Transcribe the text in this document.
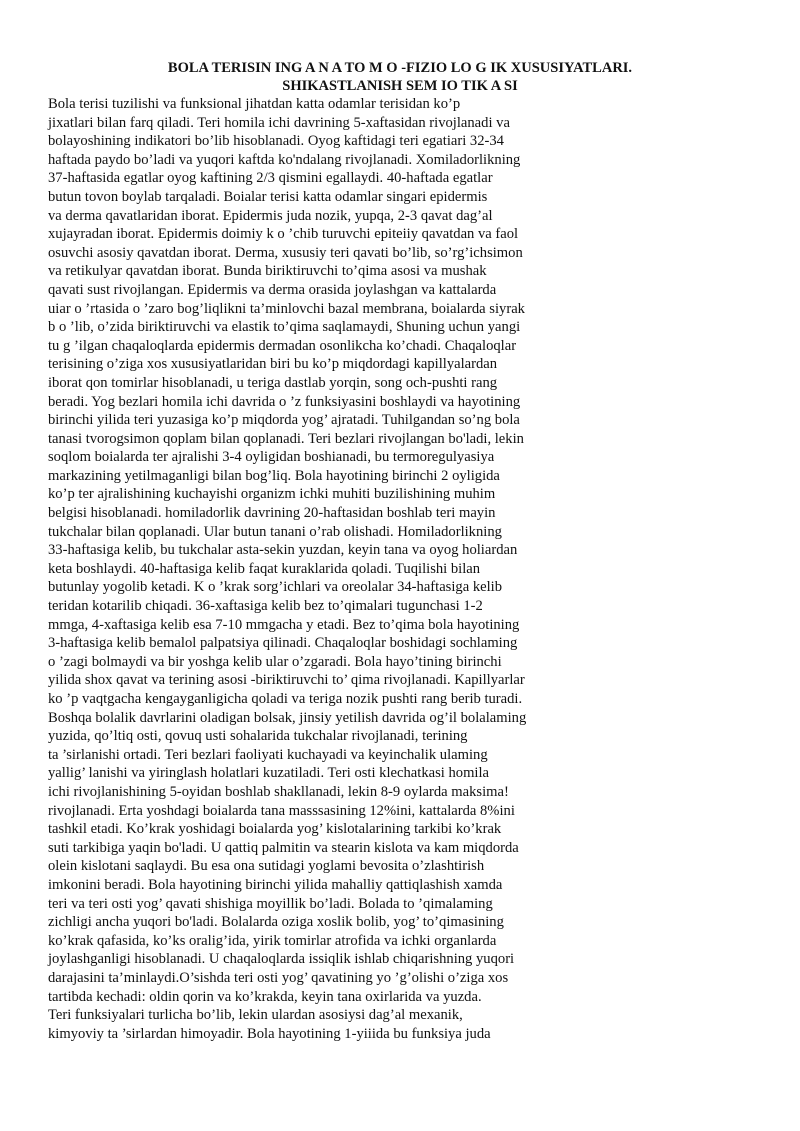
BOLA TERISIN ING A N A TO M O -FIZIO LO G IK XUSUSIYATLARI.
SHIKASTLANISH SEM IO TIK A SI
Bola terisi tuzilishi va funksional jihatdan katta odamlar terisidan ko’p
jixatlari bilan farq qiladi. Teri homila ichi davrining 5-xaftasidan rivojlanadi va
bolayoshining indikatori bo’lib hisoblanadi. Oyog kaftidagi teri egatiari 32-34
haftada paydo bo’ladi va yuqori kaftda ko'ndalang rivojlanadi. Xomiladorlikning
37-haftasida egatlar oyog kaftining 2/3 qismini egallaydi. 40-haftada egatlar
butun tovon boylab tarqaladi. Boialar terisi katta odamlar singari epidermis
va derma qavatlaridan iborat. Epidermis juda nozik, yupqa, 2-3 qavat dag’al
xujayradan iborat. Epidermis doimiy k o ’chib turuvchi epiteiiy qavatdan va faol
osuvchi asosiy qavatdan iborat. Derma, xususiy teri qavati bo’lib, so’rg’ichsimon
va retikulyar qavatdan iborat. Bunda biriktiruvchi to’qima asosi va mushak
qavati sust rivojlangan. Epidermis va derma orasida joylashgan va kattalarda
uiar o ’rtasida o ’zaro bog’liqlikni ta’minlovchi bazal membrana, boialarda siyrak
b o ’lib, o’zida biriktiruvchi va elastik to’qima saqlamaydi, Shuning uchun yangi
tu g ’ilgan chaqaloqlarda epidermis dermadan osonlikcha ko’chadi. Chaqaloqlar
terisining o’ziga xos xususiyatlaridan biri bu ko’p miqdordagi kapillyalardan
iborat qon tomirlar hisoblanadi, u teriga dastlab yorqin, song och-pushti rang
beradi. Yog bezlari homila ichi davrida o ’z funksiyasini boshlaydi va hayotining
birinchi yilida teri yuzasiga ko’p miqdorda yog’ ajratadi. Tuhilgandan so’ng bola
tanasi tvorogsimon qoplam bilan qoplanadi. Teri bezlari rivojlangan bo'ladi, lekin
soqlom boialarda ter ajralishi 3-4 oyligidan boshianadi, bu termoregulyasiya
markazining yetilmaganligi bilan bog’liq. Bola hayotining birinchi 2 oyligida
ko’p ter ajralishining kuchayishi organizm ichki muhiti buzilishining muhim
belgisi hisoblanadi. homiladorlik davrining 20-haftasidan boshlab teri mayin
tukchalar bilan qoplanadi. Ular butun tanani o’rab olishadi. Homiladorlikning
33-haftasiga kelib, bu tukchalar asta-sekin yuzdan, keyin tana va oyog holiardan
keta boshlaydi. 40-haftasiga kelib faqat kuraklarida qoladi. Tuqilishi bilan
butunlay yogolib ketadi. K o ’krak sorg’ichlari va oreolalar 34-haftasiga kelib
teridan kotarilib chiqadi. 36-xaftasiga kelib bez to’qimalari tugunchasi 1-2
mmga, 4-xaftasiga kelib esa 7-10 mmgacha y etadi. Bez to’qima bola hayotining
3-haftasiga kelib bemalol palpatsiya qilinadi. Chaqaloqlar boshidagi sochlaming
o ’zagi bolmaydi va bir yoshga kelib ular o’zgaradi. Bola hayo’tining birinchi
yilida shox qavat va terining asosi -biriktiruvchi to’ qima rivojlanadi. Kapillyarlar
ko ’p vaqtgacha kengayganligicha qoladi va teriga nozik pushti rang berib turadi.
Boshqa bolalik davrlarini oladigan bolsak, jinsiy yetilish davrida og’il bolalaming
yuzida, qo’ltiq osti, qovuq usti sohalarida tukchalar rivojlanadi, terining
ta ’sirlanishi ortadi. Teri bezlari faoliyati kuchayadi va keyinchalik ulaming
yallig’ lanishi va yiringlash holatlari kuzatiladi. Teri osti klechatkasi homila
ichi rivojlanishining 5-oyidan boshlab shakllanadi, lekin 8-9 oylarda maksima!
rivojlanadi. Erta yoshdagi boialarda tana masssasining 12%ini, kattalarda 8%ini
tashkil etadi. Ko’krak yoshidagi boialarda yog’ kislotalarining tarkibi ko’krak
suti tarkibiga yaqin bo'ladi. U qattiq palmitin va stearin kislota va kam miqdorda
olein kislotani saqlaydi. Bu esa ona sutidagi yoglami bevosita o’zlashtirish
imkonini beradi. Bola hayotining birinchi yilida mahalliy qattiqlashish xamda
teri va teri osti yog’ qavati shishiga moyillik bo’ladi. Bolada to ’qimalaming
zichligi ancha yuqori bo'ladi. Bolalarda oziga xoslik bolib, yog’ to’qimasining
ko’krak qafasida, ko’ks oralig’ida, yirik tomirlar atrofida va ichki organlarda
joylashganligi hisoblanadi. U chaqaloqlarda issiqlik ishlab chiqarishning yuqori
darajasini ta’minlaydi.O’sishda teri osti yog’ qavatining yo ’g’olishi o’ziga xos
tartibda kechadi: oldin qorin va ko’krakda, keyin tana oxirlarida va yuzda.
Teri funksiyalari turlicha bo’lib, lekin ulardan asosiysi dag’al mexanik,
kimyoviy ta ’sirlardan himoyadir. Bola hayotining 1-yiiida bu funksiya juda
